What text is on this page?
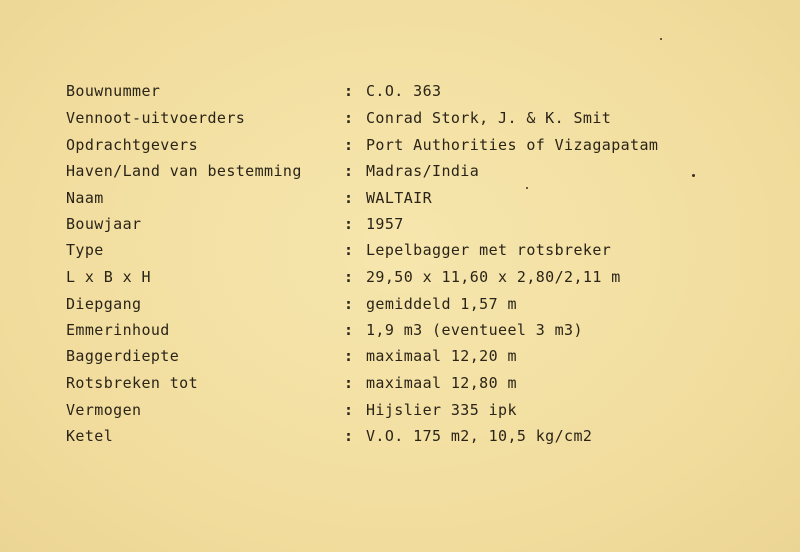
Bouwnummer	: C.O. 363
Vennoot-uitvoerders	: Conrad Stork, J. & K. Smit
Opdrachtgevers	: Port Authorities of Vizagapatam
Haven/Land van bestemming	: Madras/India
Naam	: WALTAIR
Bouwjaar	: 1957
Type	: Lepelbagger met rotsbreker
L x B x H	: 29,50 x 11,60 x 2,80/2,11 m
Diepgang	: gemiddeld 1,57 m
Emmerinhoud	: 1,9 m3 (eventueel 3 m3)
Baggerdiepte	: maximaal 12,20 m
Rotsbreken tot	: maximaal 12,80 m
Vermogen	: Hijslier 335 ipk
Ketel	: V.O. 175 m2, 10,5 kg/cm2
